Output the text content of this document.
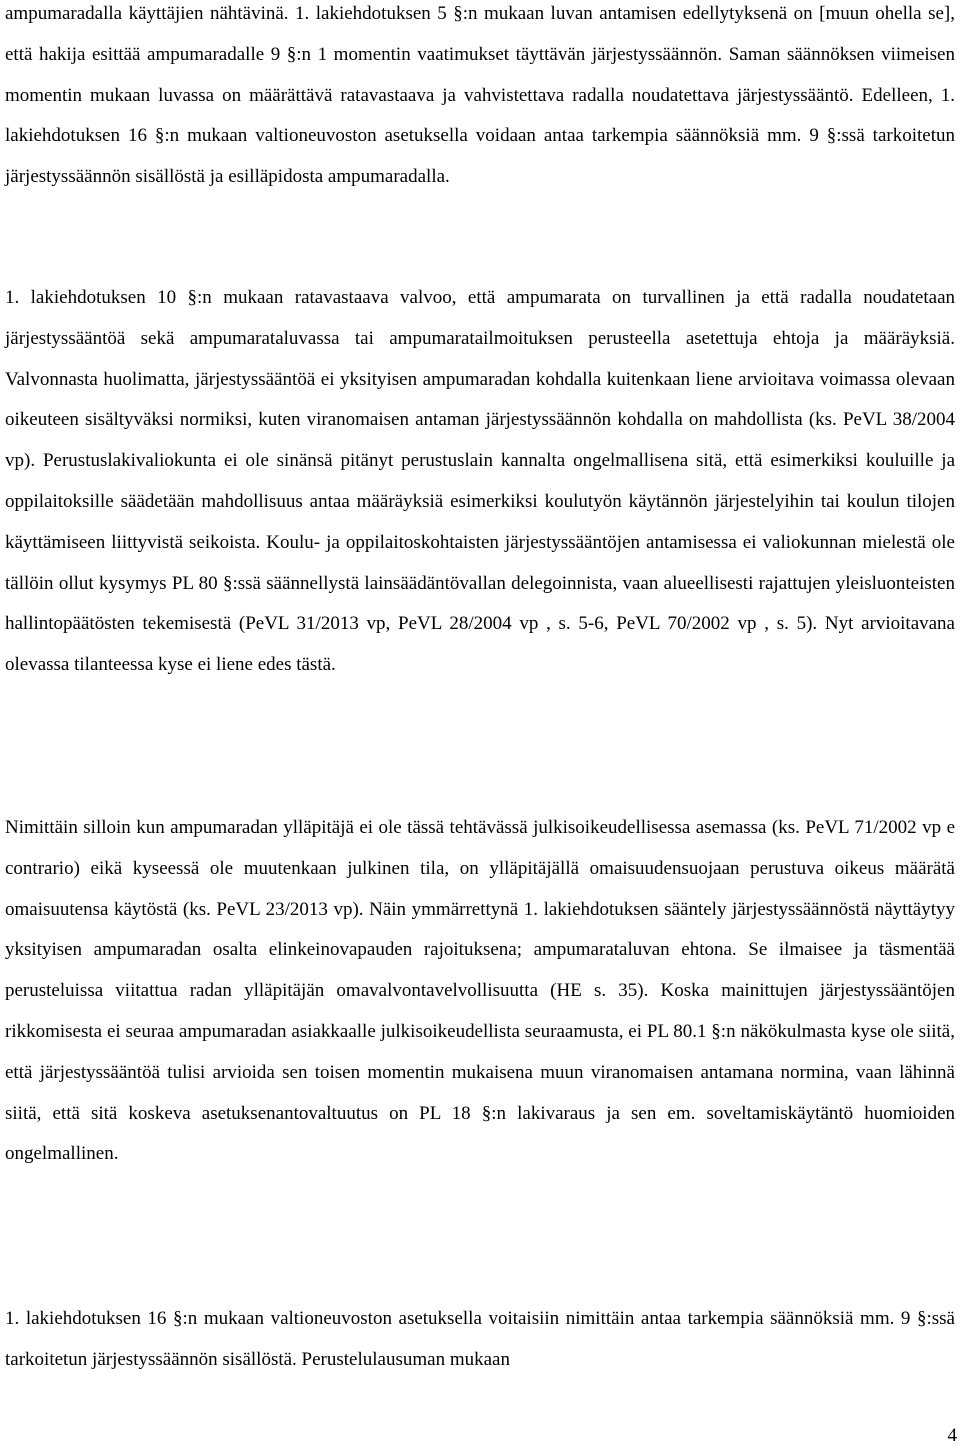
ampumaradalla käyttäjien nähtävinä. 1. lakiehdotuksen 5 §:n mukaan luvan antamisen edellytyksenä on [muun ohella se], että hakija esittää ampumaradalle 9 §:n 1 momentin vaatimukset täyttävän järjestyssäännön. Saman säännöksen viimeisen momentin mukaan luvassa on määrättävä ratavastaava ja vahvistettava radalla noudatettava järjestyssääntö. Edelleen, 1. lakiehdotuksen 16 §:n mukaan valtioneuvoston asetuksella voidaan antaa tarkempia säännöksiä mm. 9 §:ssä tarkoitetun järjestyssäännön sisällöstä ja esilläpidosta ampumaradalla.

1. lakiehdotuksen 10 §:n mukaan ratavastaava valvoo, että ampumarata on turvallinen ja että radalla noudatetaan järjestyssääntöä sekä ampumarataluvassa tai ampumaratailmoituksen perusteella asetettuja ehtoja ja määräyksiä. Valvonnasta huolimatta, järjestyssääntöä ei yksityisen ampumaradan kohdalla kuitenkaan liene arvioitava voimassa olevaan oikeuteen sisältyväksi normiksi, kuten viranomaisen antaman järjestyssäännön kohdalla on mahdollista (ks. PeVL 38/2004 vp). Perustuslakivaliokunta ei ole sinänsä pitänyt perustuslain kannalta ongelmallisena sitä, että esimerkiksi kouluille ja oppilaitoksille säädetään mahdollisuus antaa määräyksiä esimerkiksi koulutyön käytännön järjestelyihin tai koulun tilojen käyttämiseen liittyvistä seikoista. Koulu- ja oppilaitoskohtaisten järjestyssääntöjen antamisessa ei valiokunnan mielestä ole tällöin ollut kysymys PL 80 §:ssä säännellystä lainsäädäntövallan delegoinnista, vaan alueellisesti rajattujen yleisluonteisten hallintopäätösten tekemisestä (PeVL 31/2013 vp, PeVL 28/2004 vp , s. 5-6, PeVL 70/2002 vp , s. 5). Nyt arvioitavana olevassa tilanteessa kyse ei liene edes tästä.

Nimittäin silloin kun ampumaradan ylläpitäjä ei ole tässä tehtävässä julkisoikeudellisessa asemassa (ks. PeVL 71/2002 vp e contrario) eikä kyseessä ole muutenkaan julkinen tila, on ylläpitäjällä omaisuudensuojaan perustuva oikeus määrätä omaisuutensa käytöstä (ks. PeVL 23/2013 vp). Näin ymmärrettynä 1. lakiehdotuksen sääntely järjestyssäännöstä näyttäytyy yksityisen ampumaradan osalta elinkeinovapauden rajoituksena; ampumarataluvan ehtona. Se ilmaisee ja täsmentää perusteluissa viitattua radan ylläpitäjän omavalvontavelvollisuutta (HE s. 35). Koska mainittujen järjestyssääntöjen rikkomisesta ei seuraa ampumaradan asiakkaalle julkisoikeudellista seuraamusta, ei PL 80.1 §:n näkökulmasta kyse ole siitä, että järjestyssääntöä tulisi arvioida sen toisen momentin mukaisena muun viranomaisen antamana normina, vaan lähinnä siitä, että sitä koskeva asetuksenantovaltuutus on PL 18 §:n lakivaraus ja sen em. soveltamiskäytäntö huomioiden ongelmallinen.

1. lakiehdotuksen 16 §:n mukaan valtioneuvoston asetuksella voitaisiin nimittäin antaa tarkempia säännöksiä mm. 9 §:ssä tarkoitetun järjestyssäännön sisällöstä. Perustelulausuman mukaan

4
